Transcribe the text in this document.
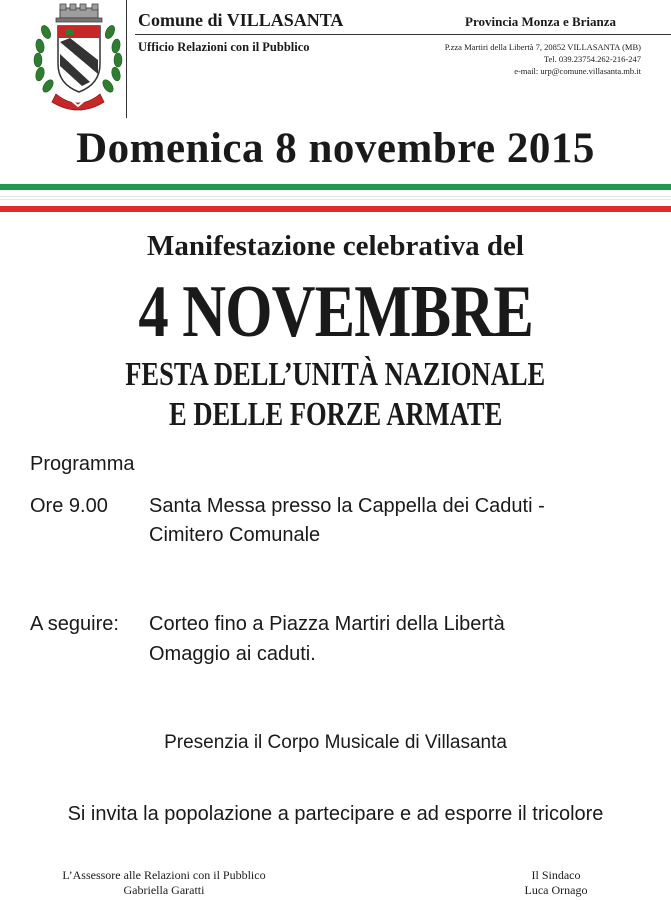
Comune di VILLASANTA	Provincia Monza e Brianza
Ufficio Relazioni con il Pubblico	P.zza Martiri della Libertà 7, 20852 VILLASANTA (MB)
Tel. 039.23754.262-216-247
e-mail: urp@comune.villasanta.mb.it
Domenica 8 novembre 2015
Manifestazione celebrativa del
4 NOVEMBRE
FESTA DELL’UNITÀ NAZIONALE
E DELLE FORZE ARMATE
Programma
Ore 9.00 Santa Messa presso la Cappella dei Caduti -
Cimitero Comunale
A seguire: Corteo fino a Piazza Martiri della Libertà
Omaggio ai caduti.
Presenzia il Corpo Musicale di Villasanta
Si invita la popolazione a partecipare e ad esporre il tricolore
L’Assessore alle Relazioni con il Pubblico
Gabriella Garatti
Il Sindaco
Luca Ornago
